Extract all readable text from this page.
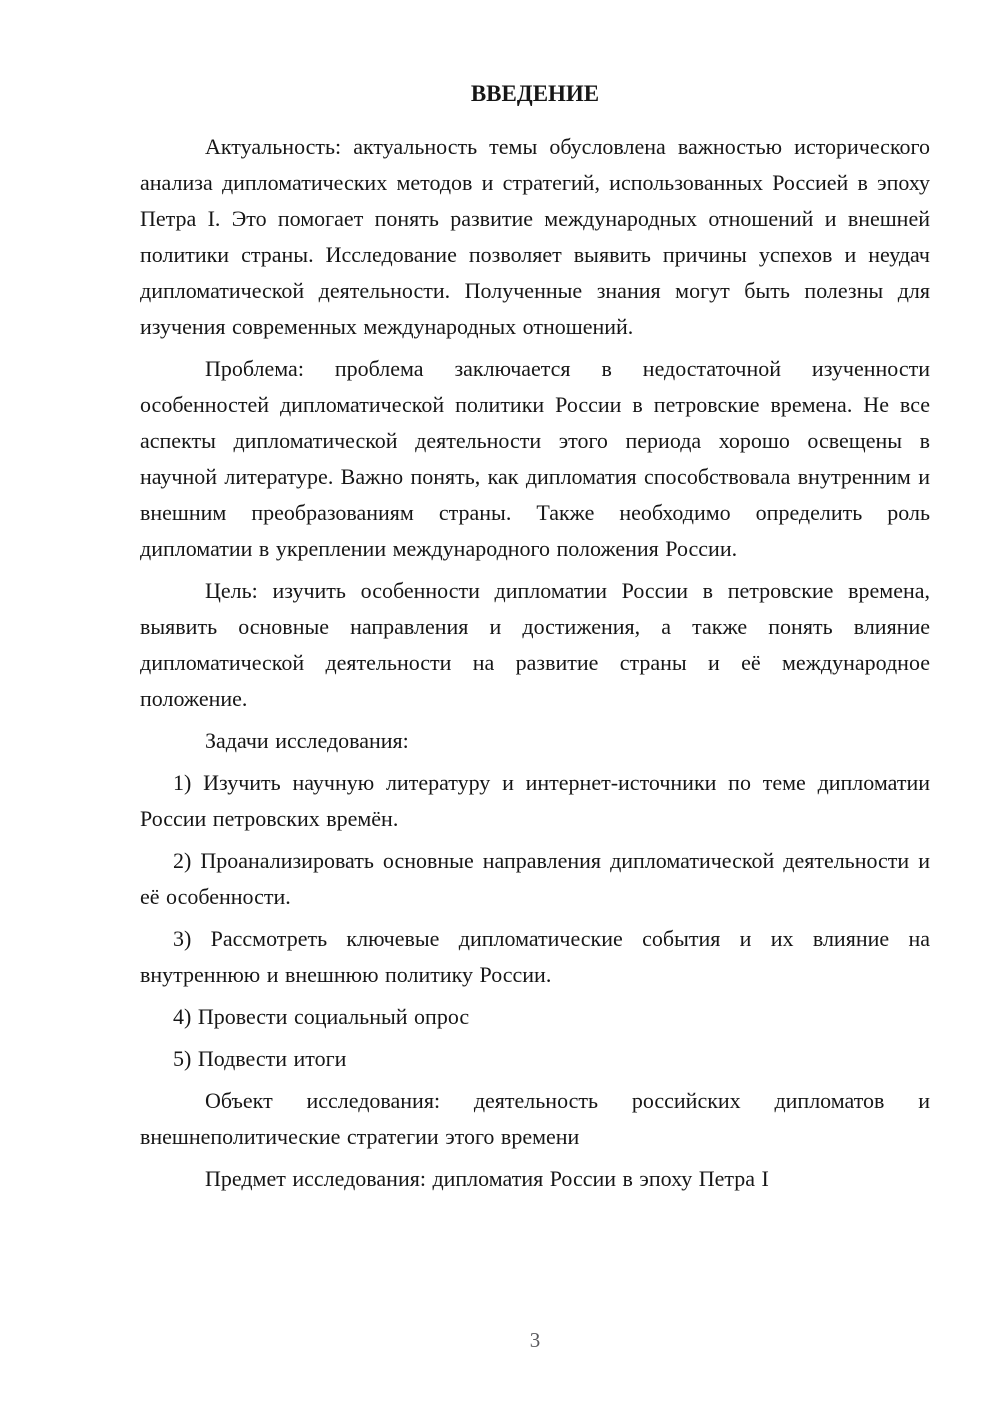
ВВЕДЕНИЕ

Актуальность: актуальность темы обусловлена важностью исторического анализа дипломатических методов и стратегий, использованных Россией в эпоху Петра I. Это помогает понять развитие международных отношений и внешней политики страны. Исследование позволяет выявить причины успехов и неудач дипломатической деятельности. Полученные знания могут быть полезны для изучения современных международных отношений.

Проблема: проблема заключается в недостаточной изученности особенностей дипломатической политики России в петровские времена. Не все аспекты дипломатической деятельности этого периода хорошо освещены в научной литературе. Важно понять, как дипломатия способствовала внутренним и внешним преобразованиям страны. Также необходимо определить роль дипломатии в укреплении международного положения России.

Цель: изучить особенности дипломатии России в петровские времена, выявить основные направления и достижения, а также понять влияние дипломатической деятельности на развитие страны и её международное положение.

Задачи исследования:

1) Изучить научную литературу и интернет-источники по теме дипломатии России петровских времён.

2) Проанализировать основные направления дипломатической деятельности и её особенности.

3) Рассмотреть ключевые дипломатические события и их влияние на внутреннюю и внешнюю политику России.

4) Провести социальный опрос

5) Подвести итоги

Объект исследования: деятельность российских дипломатов и внешнеполитические стратегии этого времени

Предмет исследования: дипломатия России в эпоху Петра I

3
